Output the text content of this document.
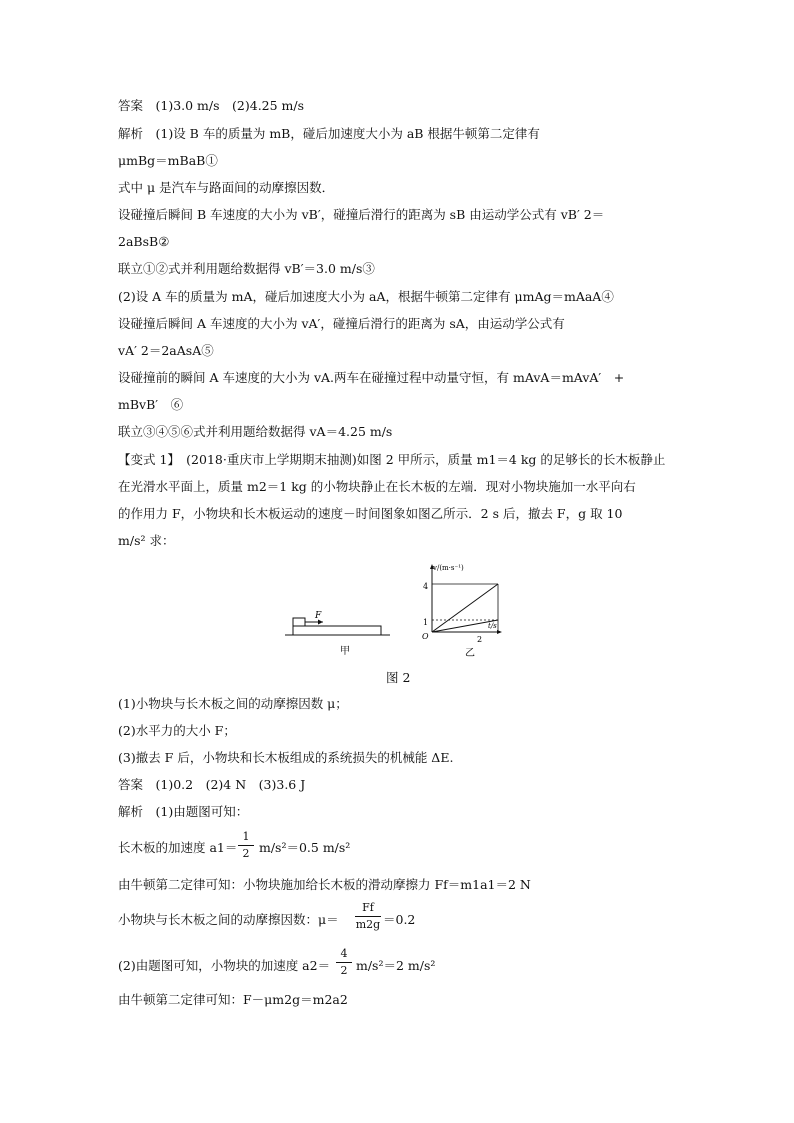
答案　(1)3.0 m/s　(2)4.25 m/s
解析　(1)设 B 车的质量为 mB，碰后加速度大小为 aB 根据牛顿第二定律有
μmBg＝mBaB①
式中 μ 是汽车与路面间的动摩擦因数．
设碰撞后瞬间 B 车速度的大小为 vB′，碰撞后滑行的距离为 sB 由运动学公式有 vB′ 2＝
2aBsB②
联立①②式并利用题给数据得 vB′＝3.0 m/s③
(2)设 A 车的质量为 mA，碰后加速度大小为 aA，根据牛顿第二定律有 μmAg＝mAaA④
设碰撞后瞬间 A 车速度的大小为 vA′，碰撞后滑行的距离为 sA，由运动学公式有
vA′ 2＝2aAsA⑤
设碰撞前的瞬间 A 车速度的大小为 vA.两车在碰撞过程中动量守恒，有 mAvA＝mAvA′　+
mBvB′　⑥
联立③④⑤⑥式并利用题给数据得 vA＝4.25 m/s
【变式 1】　(2018·重庆市上学期期末抽测)如图 2 甲所示，质量 m1＝4 kg 的足够长的长木板静止
在光滑水平面上，质量 m2＝1 kg 的小物块静止在长木板的左端．现对小物块施加一水平向右
的作用力 F，小物块和长木板运动的速度－时间图象如图乙所示．2 s 后，撤去 F，g 取 10
m/s² 求：
F
甲
v/(m·s⁻¹)
t/s
O
4
1
2
乙
图 2
(1)小物块与长木板之间的动摩擦因数 μ；
(2)水平力的大小 F；
(3)撤去 F 后，小物块和长木板组成的系统损失的机械能 ΔE.
答案　(1)0.2　(2)4 N　(3)3.6 J
解析　(1)由题图可知：
长木板的加速度 a1＝
1
2 m/s²＝0.5 m/s²
由牛顿第二定律可知：小物块施加给长木板的滑动摩擦力 Ff＝m1a1＝2 N
小物块与长木板之间的动摩擦因数：μ＝
Ff
m2g ＝0.2
(2)由题图可知，小物块的加速度 a2＝
4
2 m/s²＝2 m/s²
由牛顿第二定律可知：F－μm2g＝m2a2
